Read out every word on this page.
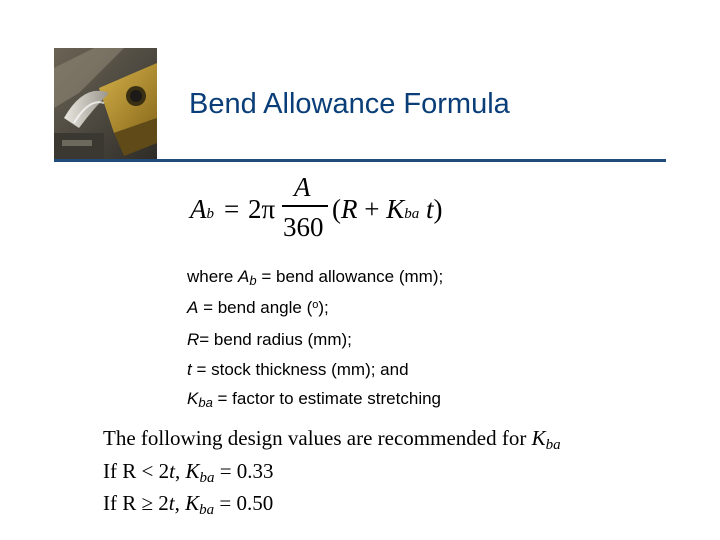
Bend Allowance Formula
Ab = 2π
A
360
(R + Kba t)
where Ab = bend allowance (mm);
A = bend angle ($^o$);
R= bend radius (mm);
t = stock thickness (mm); and
Kba = factor to estimate stretching
The following design values are recommended for Kba
If R < 2t, Kba = 0.33
If R ≥ 2t, Kba = 0.50
